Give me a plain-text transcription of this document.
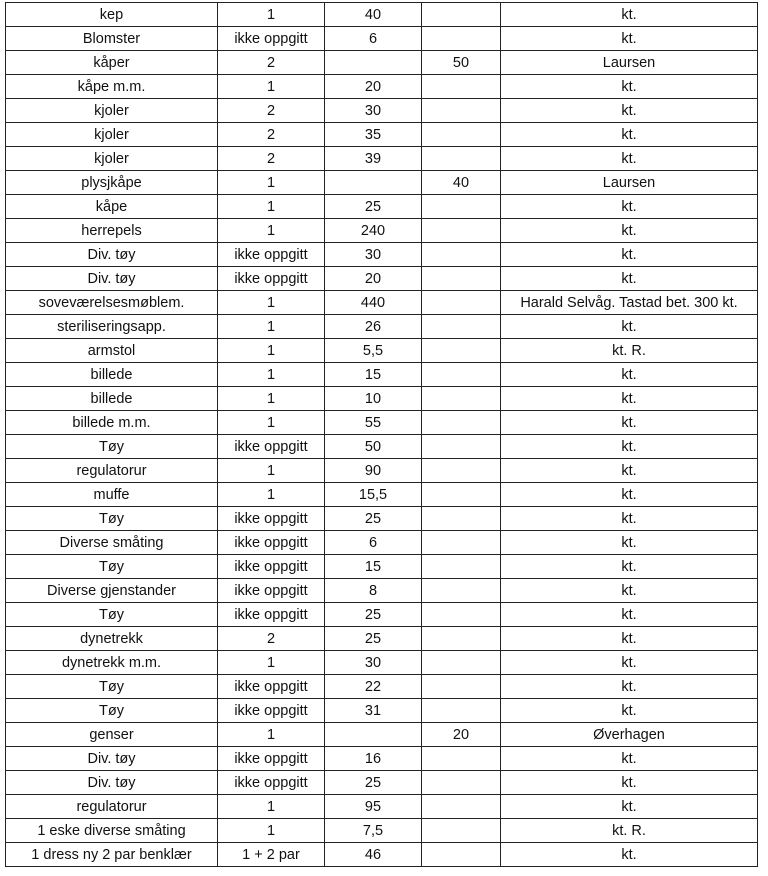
kep	1	40		kt.
Blomster	ikke oppgitt	6		kt.
kåper	2		50	Laursen
kåpe m.m.	1	20		kt.
kjoler	2	30		kt.
kjoler	2	35		kt.
kjoler	2	39		kt.
plysjkåpe	1		40	Laursen
kåpe	1	25		kt.
herrepels	1	240		kt.
Div. tøy	ikke oppgitt	30		kt.
Div. tøy	ikke oppgitt	20		kt.
soveværelsesmøblem.	1	440		Harald Selvåg. Tastad bet. 300 kt.
steriliseringsapp.	1	26		kt.
armstol	1	5,5		kt. R.
billede	1	15		kt.
billede	1	10		kt.
billede m.m.	1	55		kt.
Tøy	ikke oppgitt	50		kt.
regulatorur	1	90		kt.
muffe	1	15,5		kt.
Tøy	ikke oppgitt	25		kt.
Diverse småting	ikke oppgitt	6		kt.
Tøy	ikke oppgitt	15		kt.
Diverse gjenstander	ikke oppgitt	8		kt.
Tøy	ikke oppgitt	25		kt.
dynetrekk	2	25		kt.
dynetrekk m.m.	1	30		kt.
Tøy	ikke oppgitt	22		kt.
Tøy	ikke oppgitt	31		kt.
genser	1		20	Øverhagen
Div. tøy	ikke oppgitt	16		kt.
Div. tøy	ikke oppgitt	25		kt.
regulatorur	1	95		kt.
1 eske diverse småting	1	7,5		kt. R.
1 dress ny 2 par benklær	1 + 2 par	46		kt.
